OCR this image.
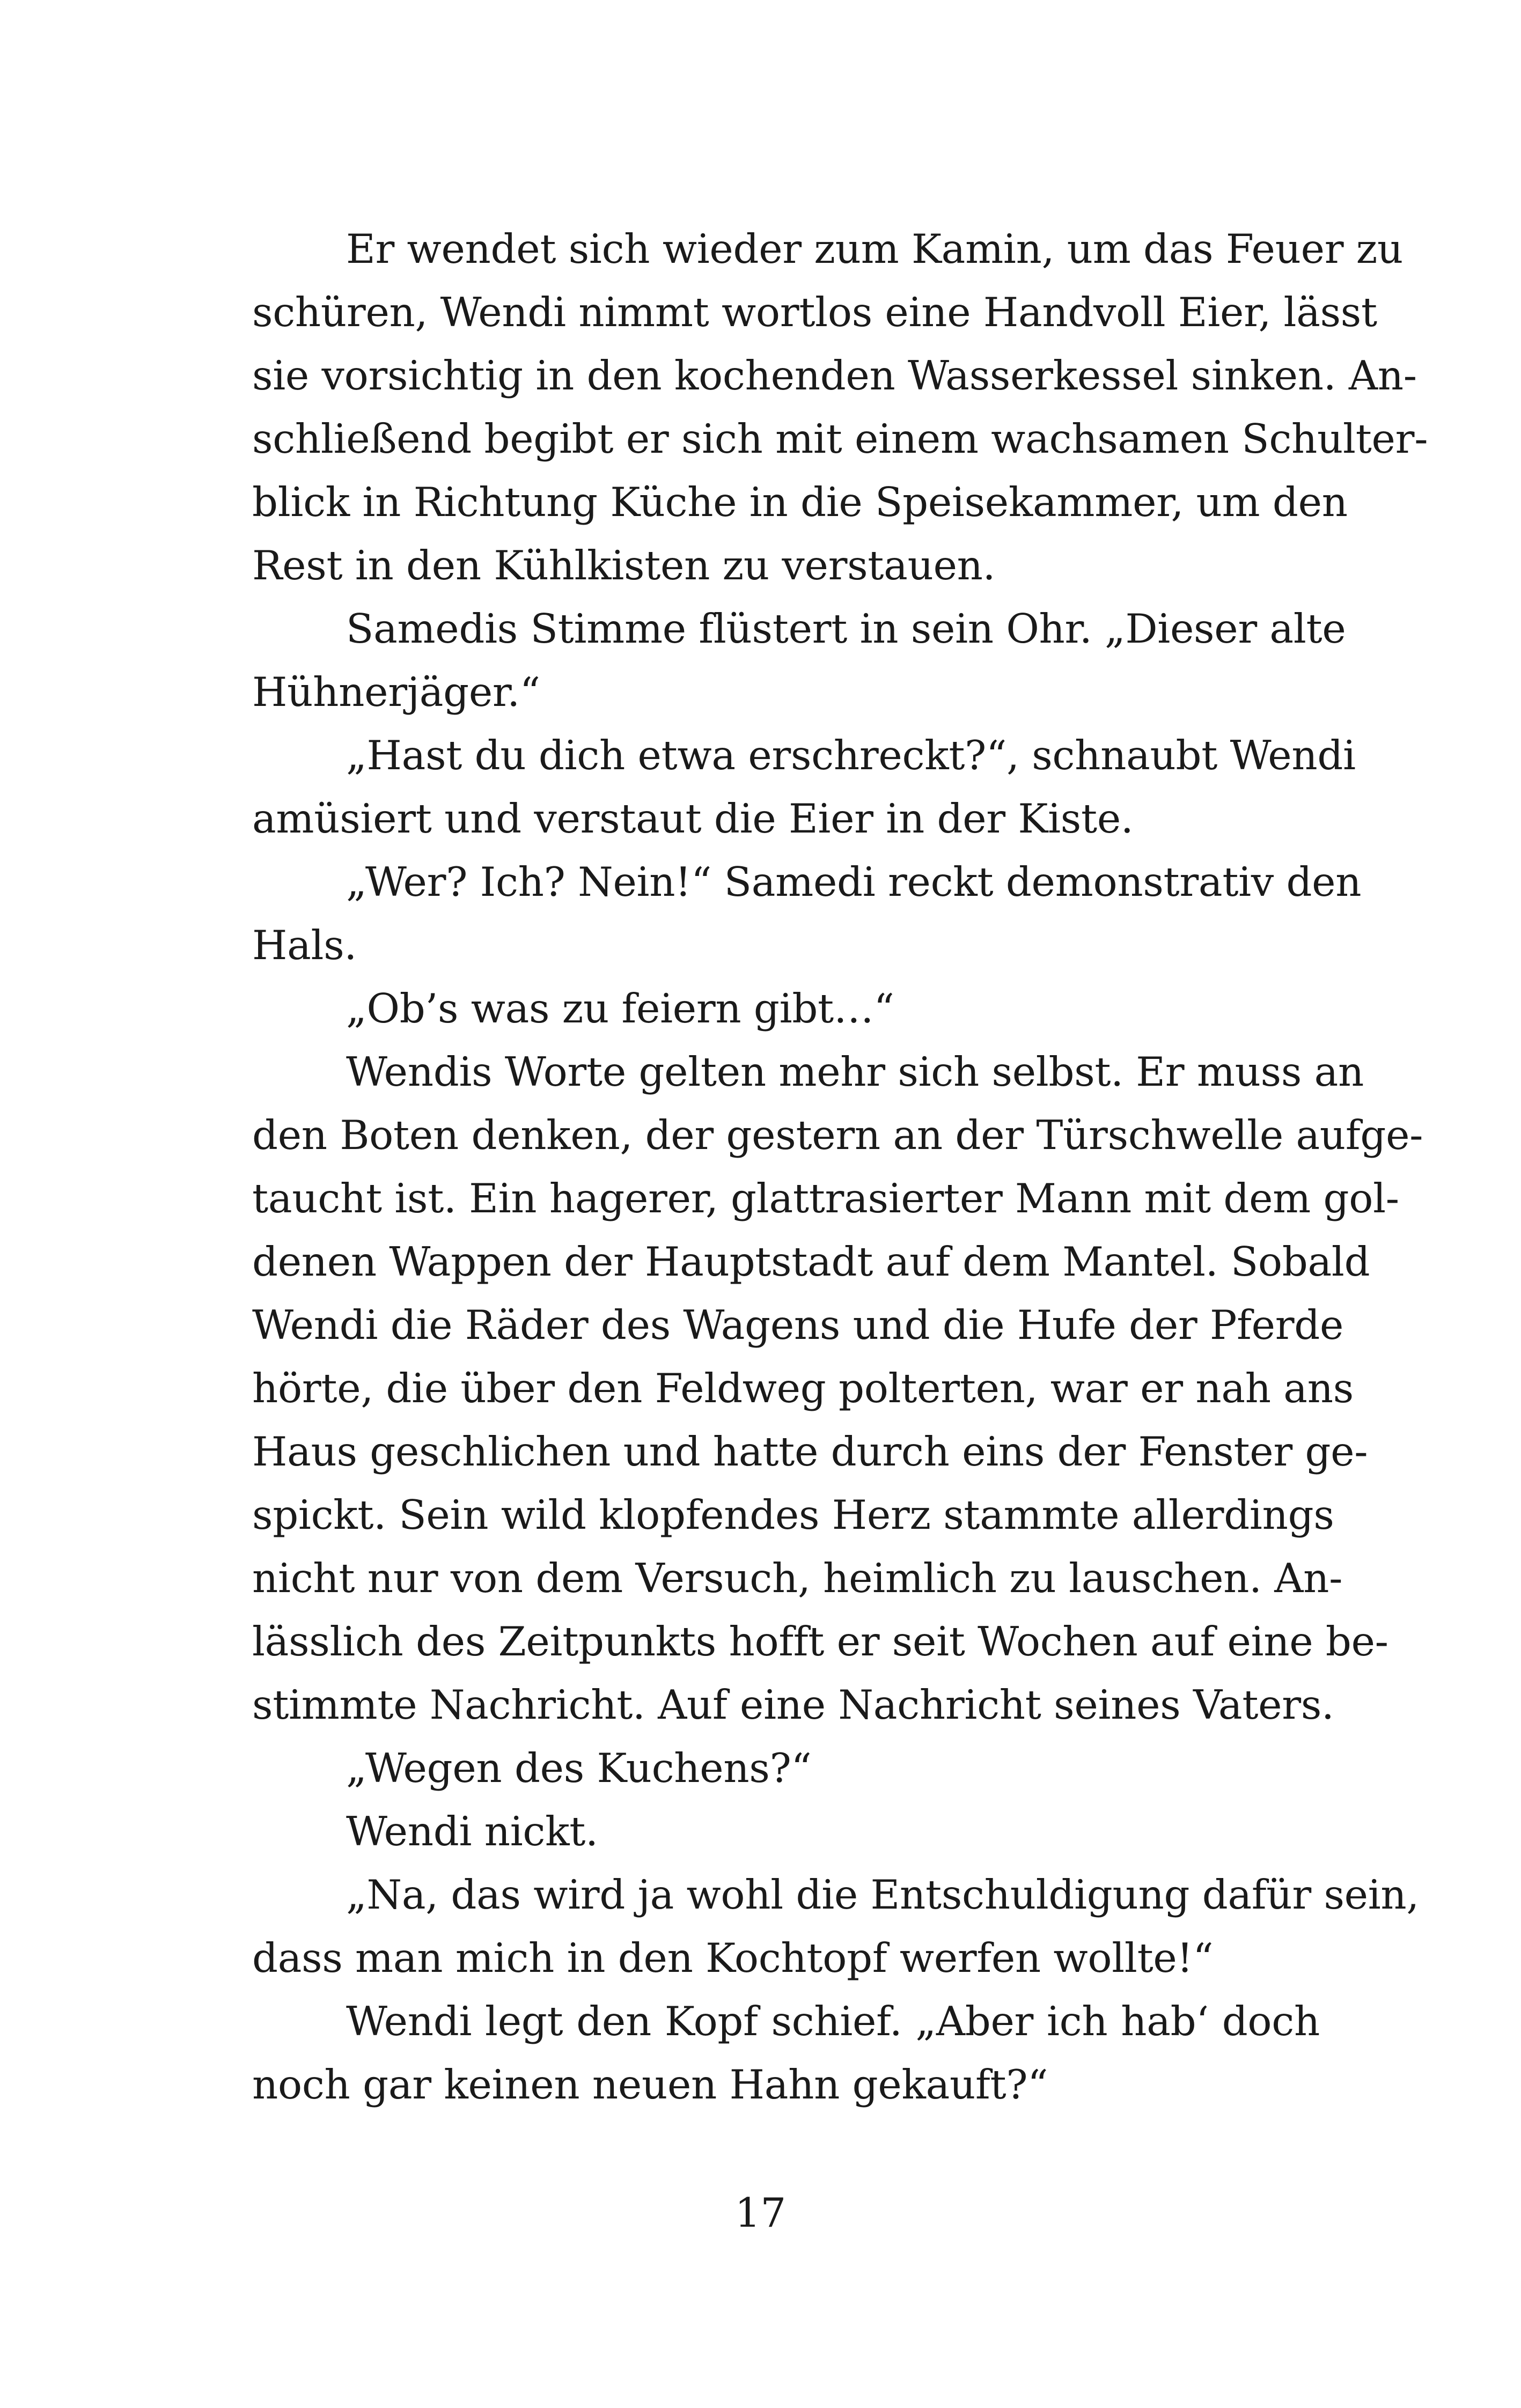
Er wendet sich wieder zum Kamin, um das Feuer zu
schüren, Wendi nimmt wortlos eine Handvoll Eier, lässt
sie vorsichtig in den kochenden Wasserkessel sinken. An-
schließend begibt er sich mit einem wachsamen Schulter-
blick in Richtung Küche in die Speisekammer, um den
Rest in den Kühlkisten zu verstauen.
Samedis Stimme flüstert in sein Ohr. „Dieser alte
Hühnerjäger.“
„Hast du dich etwa erschreckt?“, schnaubt Wendi
amüsiert und verstaut die Eier in der Kiste.
„Wer? Ich? Nein!“ Samedi reckt demonstrativ den
Hals.
„Ob’s was zu feiern gibt…“
Wendis Worte gelten mehr sich selbst. Er muss an
den Boten denken, der gestern an der Türschwelle aufge-
taucht ist. Ein hagerer, glattrasierter Mann mit dem gol-
denen Wappen der Hauptstadt auf dem Mantel. Sobald
Wendi die Räder des Wagens und die Hufe der Pferde
hörte, die über den Feldweg polterten, war er nah ans
Haus geschlichen und hatte durch eins der Fenster ge-
spickt. Sein wild klopfendes Herz stammte allerdings
nicht nur von dem Versuch, heimlich zu lauschen. An-
lässlich des Zeitpunkts hofft er seit Wochen auf eine be-
stimmte Nachricht. Auf eine Nachricht seines Vaters.
„Wegen des Kuchens?“
Wendi nickt.
„Na, das wird ja wohl die Entschuldigung dafür sein,
dass man mich in den Kochtopf werfen wollte!“
Wendi legt den Kopf schief. „Aber ich hab‘ doch
noch gar keinen neuen Hahn gekauft?“
17
